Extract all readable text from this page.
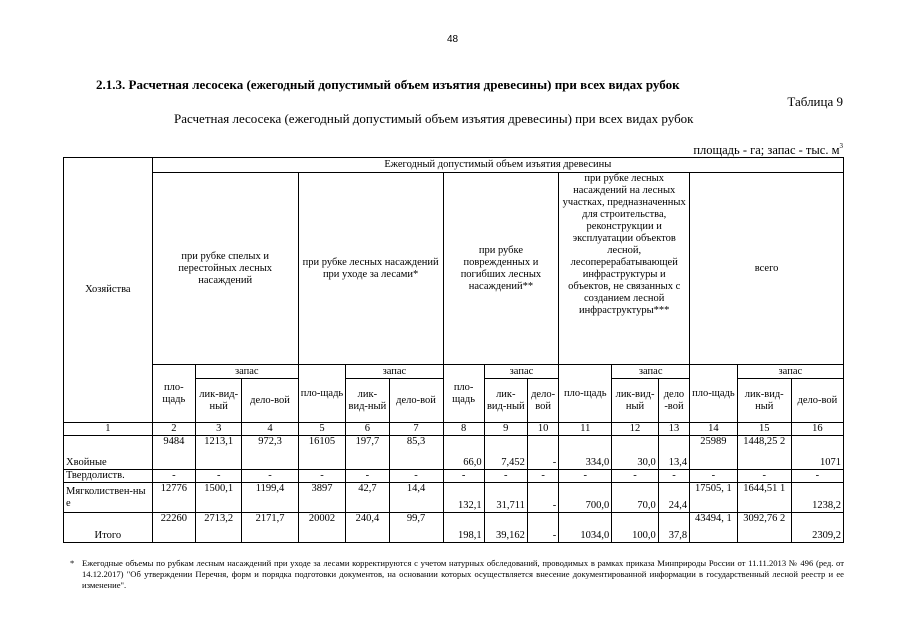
48
2.1.3. Расчетная лесосека (ежегодный допустимый объем изъятия древесины) при всех видах рубок
Таблица 9
Расчетная лесосека (ежегодный допустимый объем изъятия древесины) при всех видах рубок
площадь - га; запас - тыс. $м^3$
Хозяйства	Ежегодный допустимый объем изъятия древесины														
	при рубке спелых и перестойных лесных насаждений			при рубке лесных насаждений при уходе за лесами*			при рубке поврежденных и погибших лесных насаждений**			при рубке лесных насаждений на лесных участках, предназначенных для строительства, реконструкции и эксплуатации объектов лесной, лесоперерабатывающей инфраструктуры и объектов, не связанных с созданием лесной инфраструктуры***			всего		
	пло-щадь	запас		пло-щадь	запас		пло-щадь	запас		пло-щадь	запас		пло-щадь	запас	
		лик-вид-ный	дело-вой		лик-вид-ный	дело-вой		лик-вид-ный	дело-вой		лик-вид-ный	дело -вой		лик-вид-ный	дело-вой
1	2	3	4	5	6	7	8	9	10	11	12	13	14	15	16
Хвойные	9484	1213,1	972,3	16105	197,7	85,3	66,0	7,452	-	334,0	30,0	13,4	25989	1448,25 2	1071
Твердолиств.	-	-	-	-	-	-	-	-	-	-	-	-	-	-	-
Мягколиствен-ные	12776	1500,1	1199,4	3897	42,7	14,4	132,1	31,711	-	700,0	70,0	24,4	17505, 1	1644,51 1	1238,2
Итого	22260	2713,2	2171,7	20002	240,4	99,7	198,1	39,162	-	1034,0	100,0	37,8	43494, 1	3092,76 2	2309,2
* Ежегодные объемы по рубкам лесным насаждений при уходе за лесами корректируются с учетом натурных обследований, проводимых в рамках приказа Минприроды России от 11.11.2013 № 496 (ред. от 14.12.2017) "Об утверждении Перечня, форм и порядка подготовки документов, на основании которых осуществляется внесение документированной информации в государственный лесной реестр и ее изменение".
